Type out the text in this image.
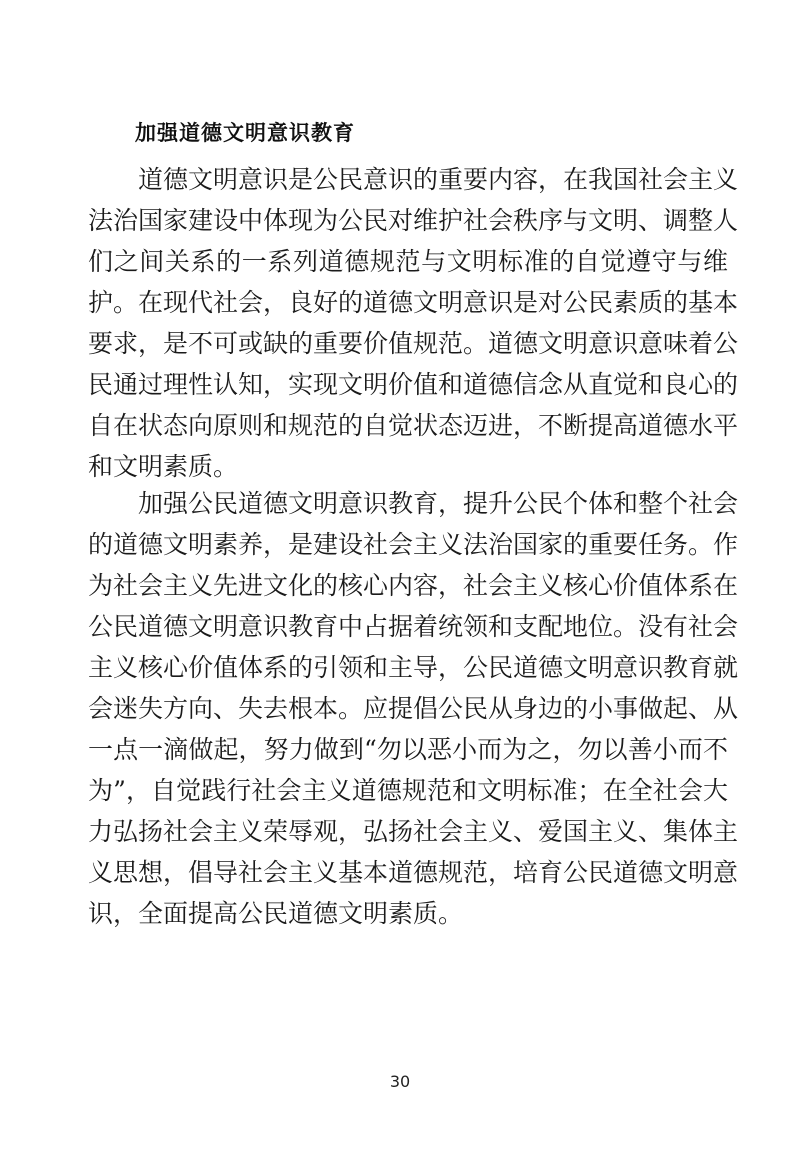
加强道德文明意识教育
道德文明意识是公民意识的重要内容，在我国社会主义
法治国家建设中体现为公民对维护社会秩序与文明、调整人
们之间关系的一系列道德规范与文明标准的自觉遵守与维
护。在现代社会，良好的道德文明意识是对公民素质的基本
要求，是不可或缺的重要价值规范。道德文明意识意味着公
民通过理性认知，实现文明价值和道德信念从直觉和良心的
自在状态向原则和规范的自觉状态迈进，不断提高道德水平
和文明素质。
加强公民道德文明意识教育，提升公民个体和整个社会
的道德文明素养，是建设社会主义法治国家的重要任务。作
为社会主义先进文化的核心内容，社会主义核心价值体系在
公民道德文明意识教育中占据着统领和支配地位。没有社会
主义核心价值体系的引领和主导，公民道德文明意识教育就
会迷失方向、失去根本。应提倡公民从身边的小事做起、从
一点一滴做起，努力做到“勿以恶小而为之，勿以善小而不
为”，自觉践行社会主义道德规范和文明标准；在全社会大
力弘扬社会主义荣辱观，弘扬社会主义、爱国主义、集体主
义思想，倡导社会主义基本道德规范，培育公民道德文明意
识，全面提高公民道德文明素质。
30
